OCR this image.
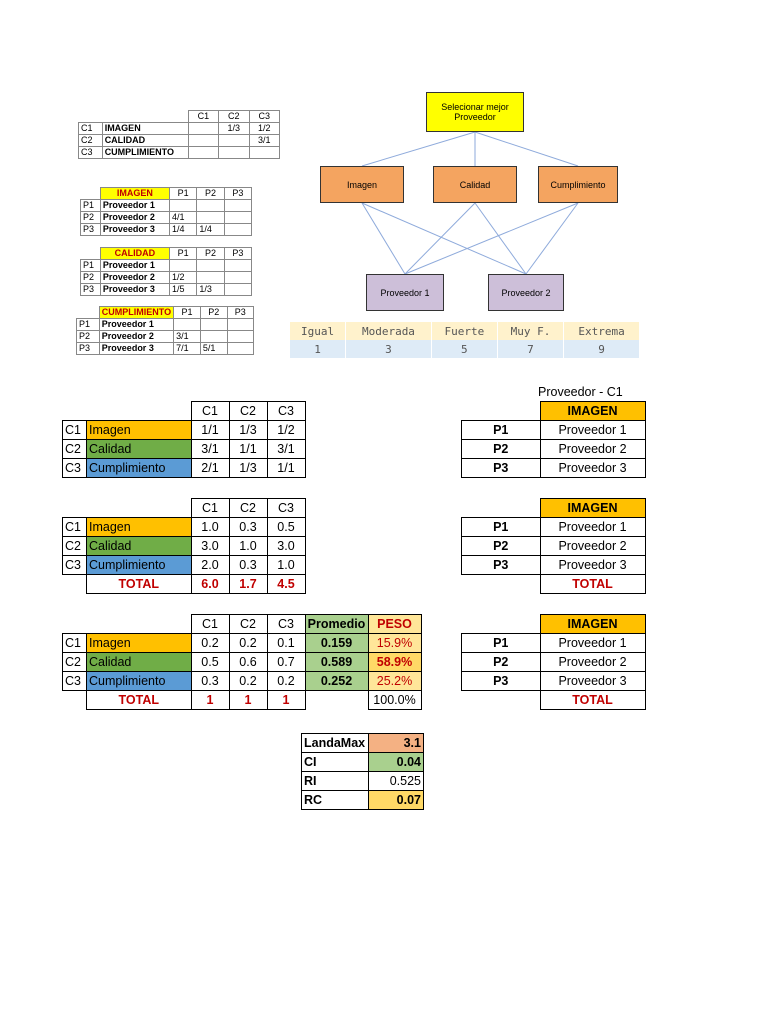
		C1	C2	C3
C1	IMAGEN		1/3	1/2
C2	CALIDAD			3/1
C3	CUMPLIMIENTO			
	IMAGEN	P1	P2	P3
P1	Proveedor 1			
P2	Proveedor 2	4/1		
P3	Proveedor 3	1/4	1/4	
	CALIDAD	P1	P2	P3
P1	Proveedor 1			
P2	Proveedor 2	1/2		
P3	Proveedor 3	1/5	1/3	
	CUMPLIMIENTO	P1	P2	P3
P1	Proveedor 1			
P2	Proveedor 2	3/1		
P3	Proveedor 3	7/1	5/1	
Selecionar mejor Proveedor
Imagen	Calidad	Cumplimiento
Proveedor 1	Proveedor 2
Igual	Moderada	Fuerte	Muy F.	Extrema
1	3	5	7	9
		C1	C2	C3
C1	Imagen	1/1	1/3	1/2
C2	Calidad	3/1	1/1	3/1
C3	Cumplimiento	2/1	1/3	1/1
		C1	C2	C3
C1	Imagen	1.0	0.3	0.5
C2	Calidad	3.0	1.0	3.0
C3	Cumplimiento	2.0	0.3	1.0
	TOTAL	6.0	1.7	4.5
		C1	C2	C3	Promedio	PESO
C1	Imagen	0.2	0.2	0.1	0.159	15.9%
C2	Calidad	0.5	0.6	0.7	0.589	58.9%
C3	Cumplimiento	0.3	0.2	0.2	0.252	25.2%
	TOTAL	1	1	1		100.0%
LandaMax	3.1
CI	0.04
RI	0.525
RC	0.07
Proveedor - C1
	IMAGEN
P1	Proveedor 1
P2	Proveedor 2
P3	Proveedor 3
	IMAGEN
P1	Proveedor 1
P2	Proveedor 2
P3	Proveedor 3
	TOTAL
	IMAGEN
P1	Proveedor 1
P2	Proveedor 2
P3	Proveedor 3
	TOTAL
